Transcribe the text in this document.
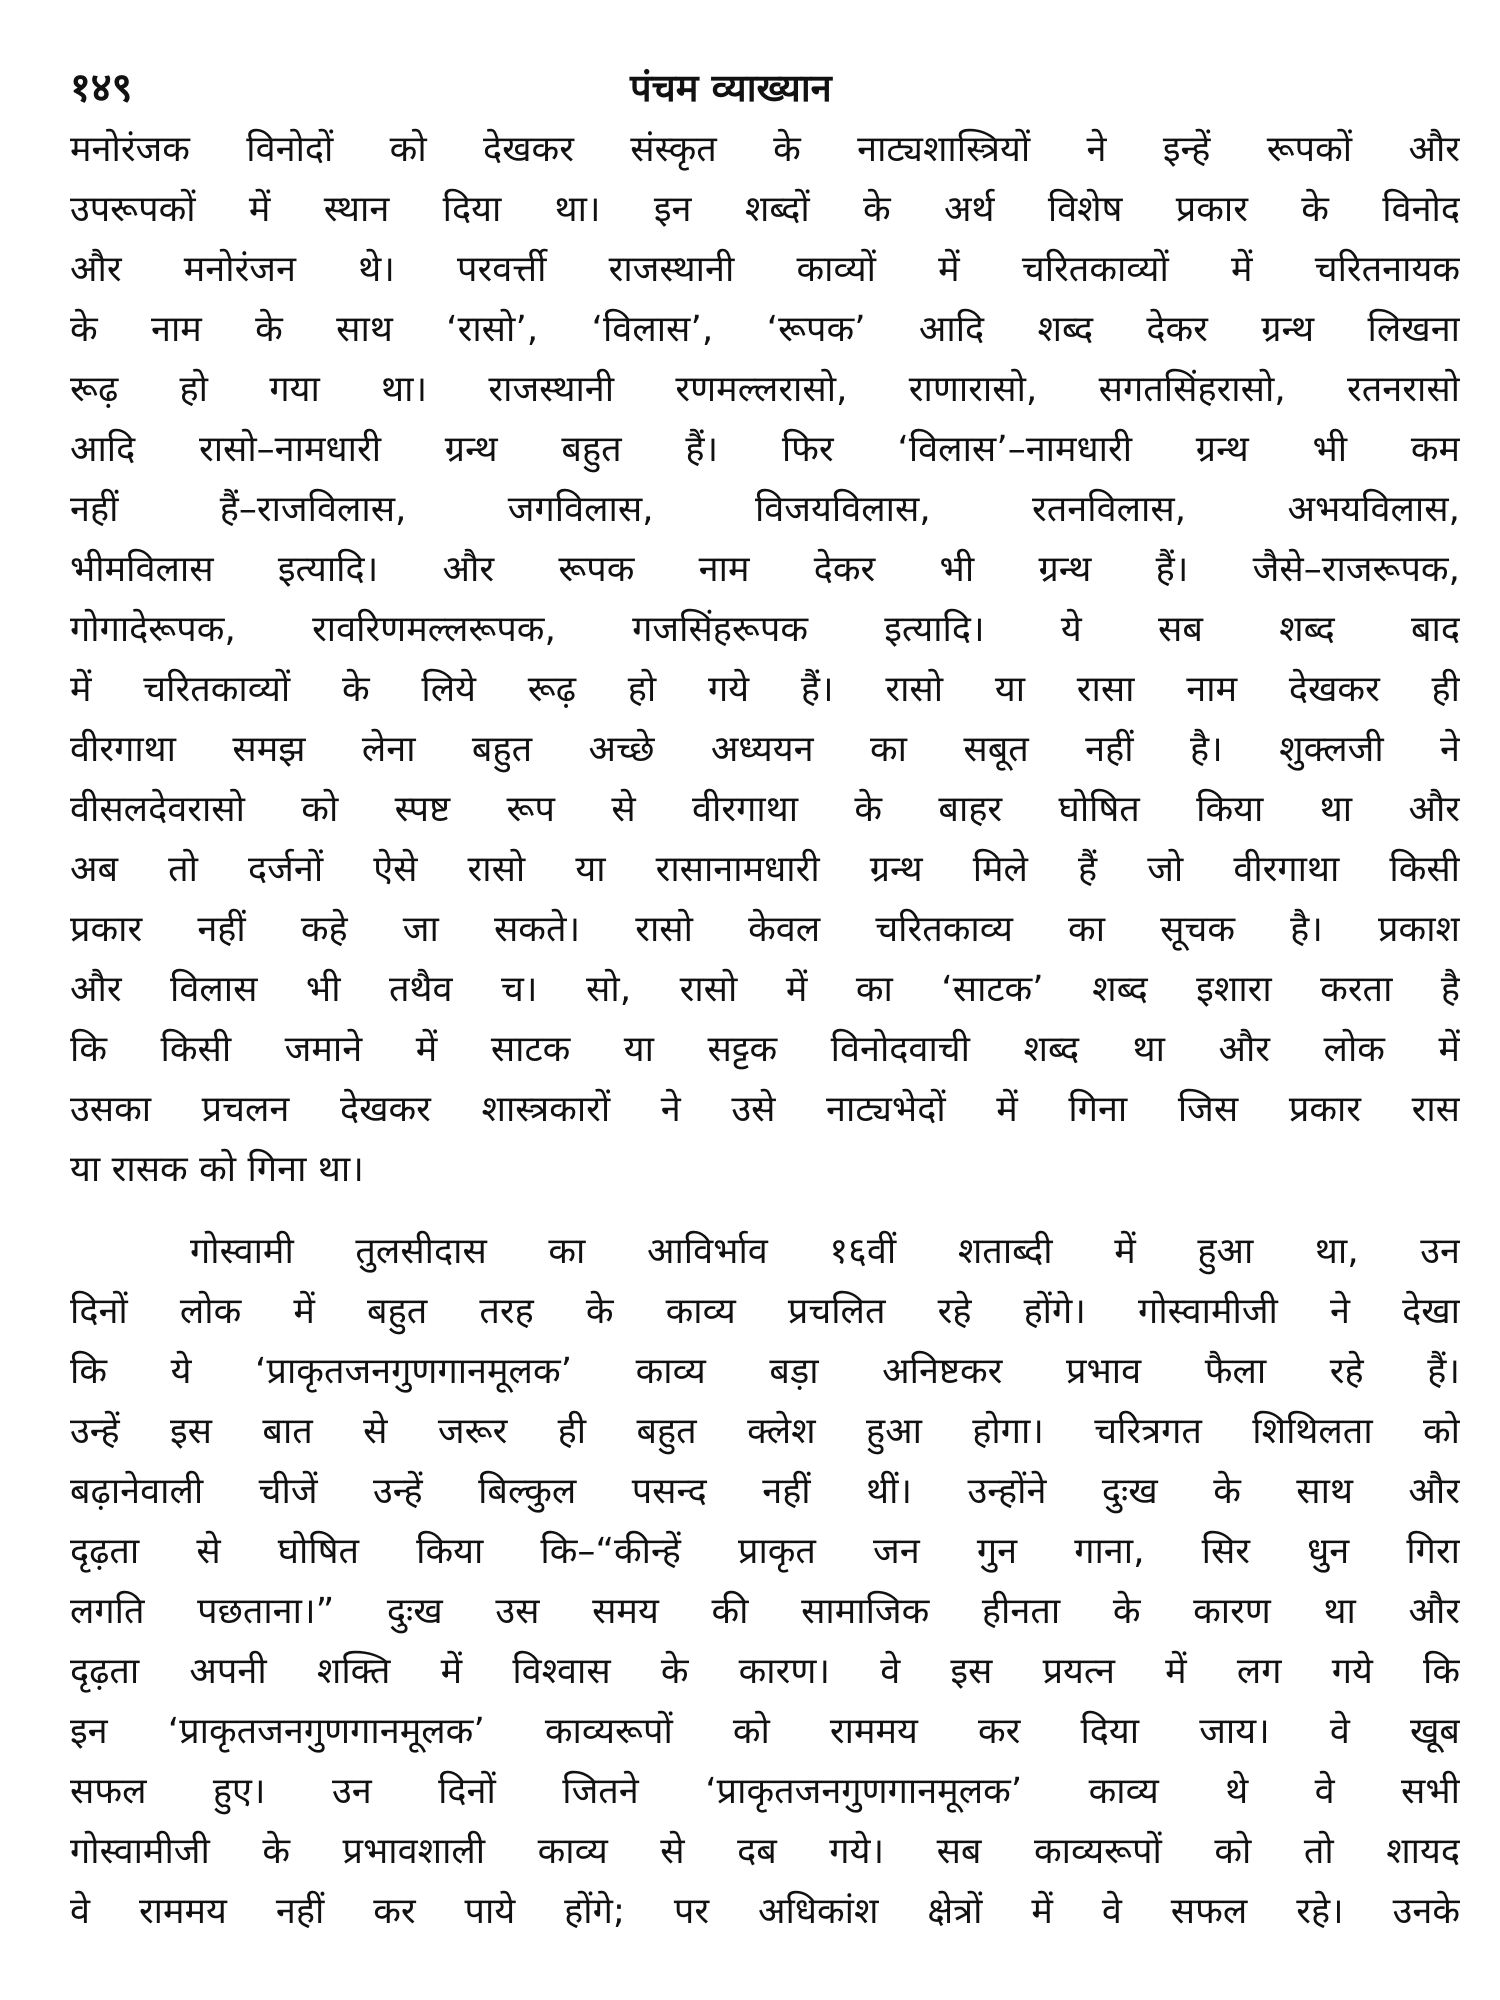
१४९	पंचम व्याख्यान
मनोरंजक विनोदों को देखकर संस्कृत के नाट्यशास्त्रियों ने इन्हें रूपकों और
उपरूपकों में स्थान दिया था। इन शब्दों के अर्थ विशेष प्रकार के विनोद
और मनोरंजन थे। परवर्त्ती राजस्थानी काव्यों में चरितकाव्यों में चरितनायक
के नाम के साथ ‘रासो’, ‘विलास’, ‘रूपक’ आदि शब्द देकर ग्रन्थ लिखना
रूढ़ हो गया था। राजस्थानी रणमल्लरासो, राणारासो, सगतसिंहरासो, रतनरासो
आदि रासो–नामधारी ग्रन्थ बहुत हैं। फिर ‘विलास’–नामधारी ग्रन्थ भी कम
नहीं हैं–राजविलास, जगविलास, विजयविलास, रतनविलास, अभयविलास,
भीमविलास इत्यादि। और रूपक नाम देकर भी ग्रन्थ हैं। जैसे–राजरूपक,
गोगादेरूपक, रावरिणमल्लरूपक, गजसिंहरूपक इत्यादि। ये सब शब्द बाद
में चरितकाव्यों के लिये रूढ़ हो गये हैं। रासो या रासा नाम देखकर ही
वीरगाथा समझ लेना बहुत अच्छे अध्ययन का सबूत नहीं है। शुक्लजी ने
वीसलदेवरासो को स्पष्ट रूप से वीरगाथा के बाहर घोषित किया था और
अब तो दर्जनों ऐसे रासो या रासानामधारी ग्रन्थ मिले हैं जो वीरगाथा किसी
प्रकार नहीं कहे जा सकते। रासो केवल चरितकाव्य का सूचक है। प्रकाश
और विलास भी तथैव च। सो, रासो में का ‘साटक’ शब्द इशारा करता है
कि किसी जमाने में साटक या सट्टक विनोदवाची शब्द था और लोक में
उसका प्रचलन देखकर शास्त्रकारों ने उसे नाट्यभेदों में गिना जिस प्रकार रास
या रासक को गिना था।
गोस्वामी तुलसीदास का आविर्भाव १६वीं शताब्दी में हुआ था, उन
दिनों लोक में बहुत तरह के काव्य प्रचलित रहे होंगे। गोस्वामीजी ने देखा
कि ये ‘प्राकृतजनगुणगानमूलक’ काव्य बड़ा अनिष्टकर प्रभाव फैला रहे हैं।
उन्हें इस बात से जरूर ही बहुत क्लेश हुआ होगा। चरित्रगत शिथिलता को
बढ़ानेवाली चीजें उन्हें बिल्कुल पसन्द नहीं थीं। उन्होंने दुःख के साथ और
दृढ़ता से घोषित किया कि–“कीन्हें प्राकृत जन गुन गाना, सिर धुन गिरा
लगति पछताना।” दुःख उस समय की सामाजिक हीनता के कारण था और
दृढ़ता अपनी शक्ति में विश्वास के कारण। वे इस प्रयत्न में लग गये कि
इन ‘प्राकृतजनगुणगानमूलक’ काव्यरूपों को राममय कर दिया जाय। वे खूब
सफल हुए। उन दिनों जितने ‘प्राकृतजनगुणगानमूलक’ काव्य थे वे सभी
गोस्वामीजी के प्रभावशाली काव्य से दब गये। सब काव्यरूपों को तो शायद
वे राममय नहीं कर पाये होंगे; पर अधिकांश क्षेत्रों में वे सफल रहे। उनके
